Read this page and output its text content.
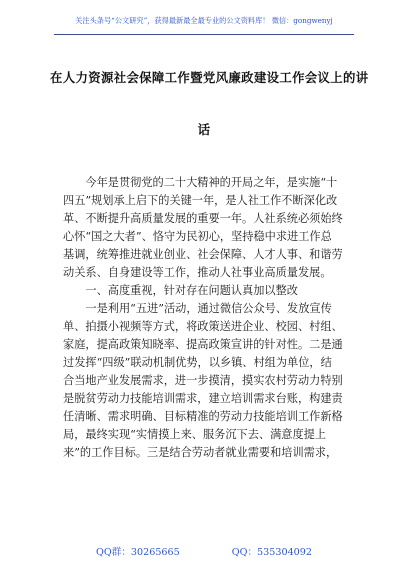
关注头条号“公文研究”，获得最新最全最专业的公文资料库！ 微信：gongwenyj
在人力资源社会保障工作暨党风廉政建设工作会议上的讲
话

今年是贯彻党的二十大精神的开局之年，是实施“十

四五”规划承上启下的关键一年，是人社工作不断深化改

革、不断提升高质量发展的重要一年。人社系统必须始终

心怀“国之大者”、恪守为民初心，坚持稳中求进工作总

基调，统筹推进就业创业、社会保障、人才人事、和谐劳

动关系、自身建设等工作，推动人社事业高质量发展。

一、高度重视，针对存在问题认真加以整改

一是利用“五进”活动，通过微信公众号、发放宣传

单、拍摄小视频等方式，将政策送进企业、校园、村组、

家庭，提高政策知晓率、提高政策宣讲的针对性。二是通

过发挥“四级”联动机制优势，以乡镇、村组为单位，结

合当地产业发展需求，进一步摸清，摸实农村劳动力特别

是脱贫劳动力技能培训需求，建立培训需求台账，构建责

任清晰、需求明确、目标精准的劳动力技能培训工作新格

局，最终实现“实情摸上来、服务沉下去、满意度提上

来”的工作目标。三是结合劳动者就业需要和培训需求，

QQ群：30265665	QQ：535304092
